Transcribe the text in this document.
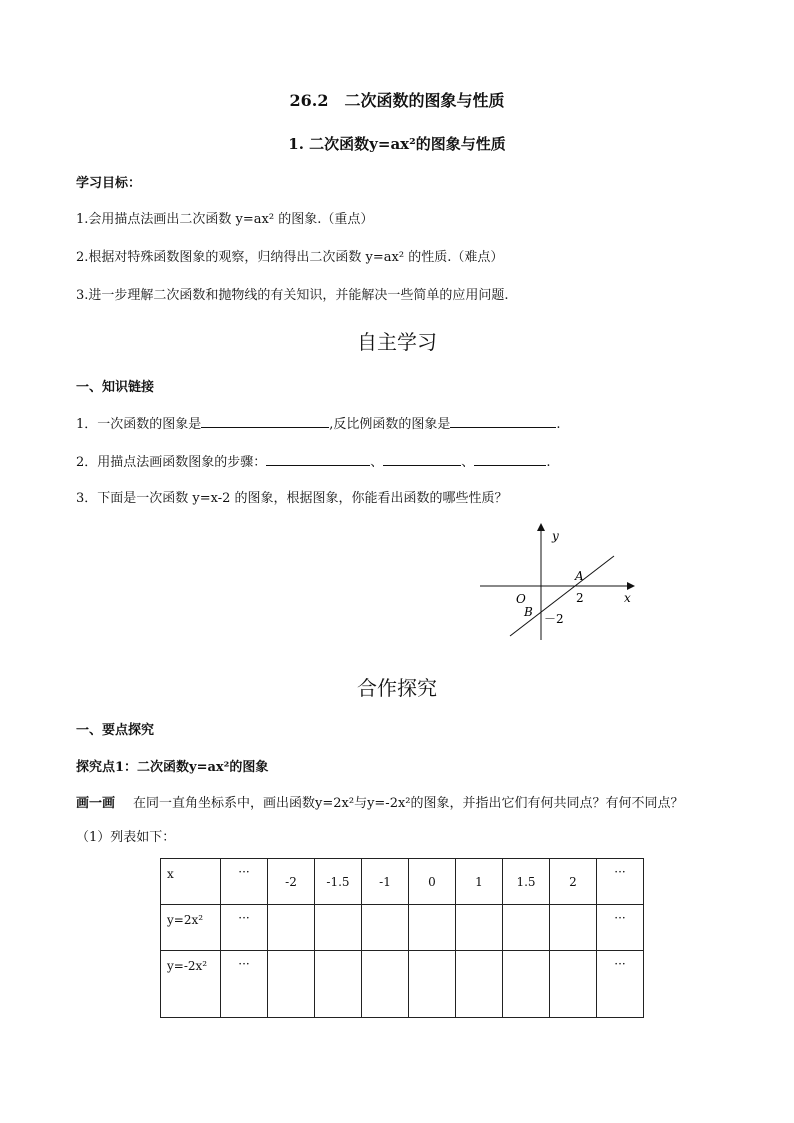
26.2　二次函数的图象与性质
1. 二次函数y=ax²的图象与性质
学习目标：
1.会用描点法画出二次函数 y=ax² 的图象.（重点）
2.根据对特殊函数图象的观察，归纳得出二次函数 y=ax² 的性质.（难点）
3.进一步理解二次函数和抛物线的有关知识，并能解决一些简单的应用问题.
自主学习
一、知识链接
1．一次函数的图象是	,反比例函数的图象是	.
2．用描点法画函数图象的步骤：	、	、	.
3．下面是一次函数 y=x-2 的图象，根据图象，你能看出函数的哪些性质？
y
x
O
A
B
2
－2
合作探究
一、要点探究
探究点1：二次函数y=ax²的图象
画一画 在同一直角坐标系中，画出函数y=2x²与y=-2x²的图象，并指出它们有何共同点？有何不同点？
（1）列表如下：
x	···	-2	-1.5	-1	0	1	1.5	2	···
y=2x²	···								···
y=-2x²	···								···
